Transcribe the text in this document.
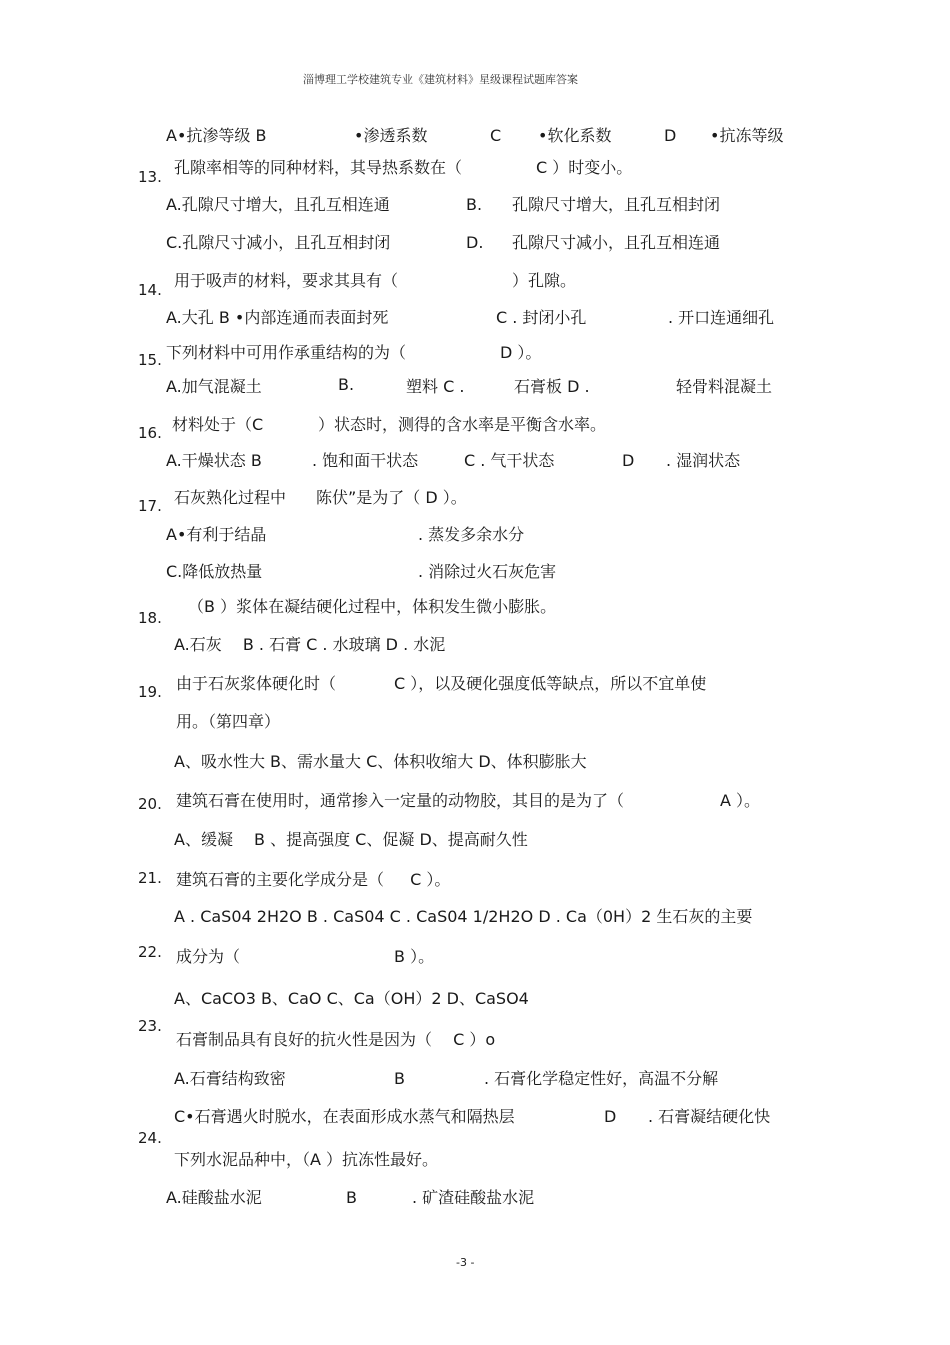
淄博理工学校建筑专业《建筑材料》星级课程试题库答案
A•抗渗等级 B	•渗透系数	C •软化系数	D •抗冻等级
13. 孔隙率相等的同种材料，其导热系数在（	C ）时变小。
A.孔隙尺寸增大，且孔互相连通	B. 孔隙尺寸增大，且孔互相封闭
C.孔隙尺寸减小，且孔互相封闭	D. 孔隙尺寸减小，且孔互相连通
14. 用于吸声的材料，要求其具有（	）孔隙。
A.大孔 B •内部连通而表面封死	C . 封闭小孔	. 开口连通细孔
15. 下列材料中可用作承重结构的为（	D ）。
A.加气混凝土	B.	塑料 C .	石膏板 D .	轻骨料混凝土
16. 材料处于（C	）状态时，测得的含水率是平衡含水率。
A.干燥状态 B	. 饱和面干状态	C . 气干状态	D . 湿润状态
17. 石灰熟化过程中 陈伏”是为了（ D ）。
A•有利于结晶	. 蒸发多余水分
C.降低放热量	. 消除过火石灰危害
18.
（B ）浆体在凝结硬化过程中，体积发生微小膨胀。
A.石灰 　B . 石膏 C . 水玻璃 D . 水泥
19. 由于石灰浆体硬化时（	C ），以及硬化强度低等缺点，所以不宜单使
用。（第四章）
A、吸水性大 B、需水量大 C、体积收缩大 D、体积膨胀大
20. 建筑石膏在使用时，通常掺入一定量的动物胶，其目的是为了（	A ）。
A、缓凝 　B 、提高强度 C、促凝 D、提高耐久性
21. 建筑石膏的主要化学成分是（ 　 C ）。
A . CaS04 2H2O B . CaS04 C . CaS04 1/2H2O D . Ca（0H）2 生石灰的主要
22. 成分为（	B ）。
A、CaCO3 B、CaO C、Ca（OH）2 D、CaSO4
23.
石膏制品具有良好的抗火性是因为（ 　C ）o
A.石膏结构致密	B	. 石膏化学稳定性好，高温不分解
C•石膏遇火时脱水，在表面形成水蒸气和隔热层	D . 石膏凝结硬化快
24.
下列水泥品种中，（A ）抗冻性最好。
A.硅酸盐水泥	B	. 矿渣硅酸盐水泥
-3 -
